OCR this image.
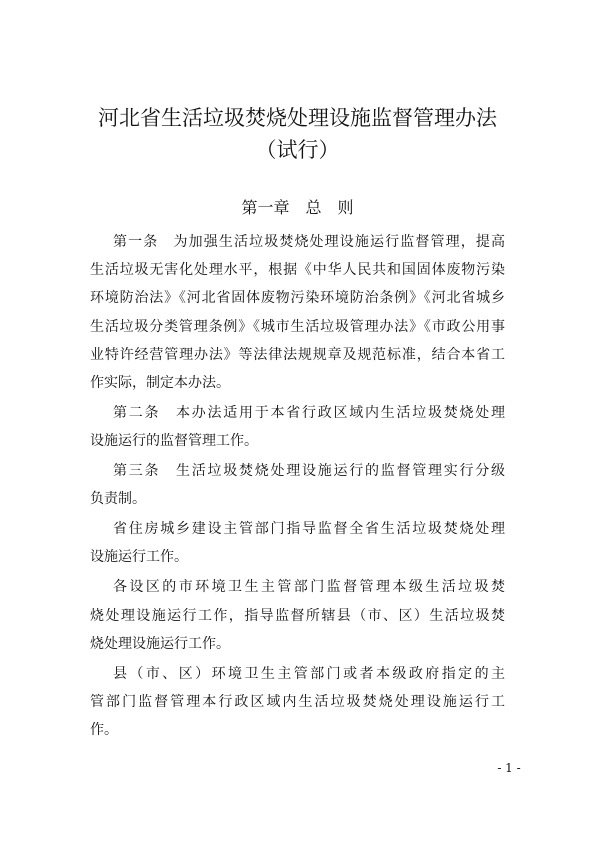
河北省生活垃圾焚烧处理设施监督管理办法
（试行）
第一章　总　则
第一条　为加强生活垃圾焚烧处理设施运行监督管理，提高
生活垃圾无害化处理水平，根据《中华人民共和国固体废物污染
环境防治法》《河北省固体废物污染环境防治条例》《河北省城乡
生活垃圾分类管理条例》《城市生活垃圾管理办法》《市政公用事
业特许经营管理办法》等法律法规规章及规范标准，结合本省工
作实际，制定本办法。
第二条　本办法适用于本省行政区域内生活垃圾焚烧处理
设施运行的监督管理工作。
第三条　生活垃圾焚烧处理设施运行的监督管理实行分级
负责制。
省住房城乡建设主管部门指导监督全省生活垃圾焚烧处理
设施运行工作。
各设区的市环境卫生主管部门监督管理本级生活垃圾焚
烧处理设施运行工作，指导监督所辖县（市、区）生活垃圾焚
烧处理设施运行工作。
县（市、区）环境卫生主管部门或者本级政府指定的主
管部门监督管理本行政区域内生活垃圾焚烧处理设施运行工
作。
- 1 -
